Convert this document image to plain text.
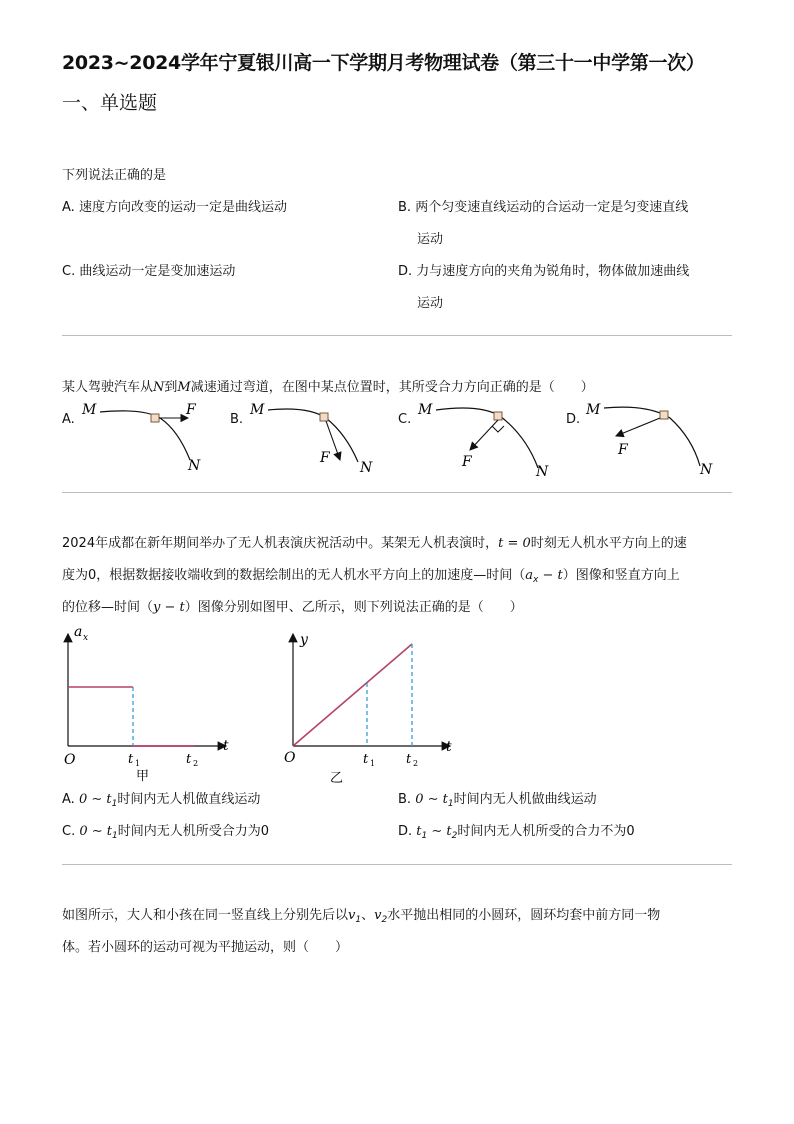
2023~2024学年宁夏银川高一下学期月考物理试卷（第三十一中学第一次）
一、单选题
下列说法正确的是
A. 速度方向改变的运动一定是曲线运动	B. 两个匀变速直线运动的合运动一定是匀变速直线
运动
C. 曲线运动一定是变加速运动	D. 力与速度方向的夹角为锐角时，物体做加速曲线
运动
某人驾驶汽车从N到M减速通过弯道，在图中某点位置时，其所受合力方向正确的是（　　）
A.	B.	C.	D.
M	F
N
M
F
N
M
F
N
M
F
N
2024年成都在新年期间举办了无人机表演庆祝活动中。某架无人机表演时，t = 0时刻无人机水平方向上的速
度为0，根据数据接收端收到的数据绘制出的无人机水平方向上的加速度—时间$(a_x - t)$图像和竖直方向上
的位移—时间（y − t）图像分别如图甲、乙所示，则下列说法正确的是（　　）
a x
t
O	t 1	t 2
甲
y
t
O	t 1 t 2
乙
A. 0 ∼ $t_1$时间内无人机做直线运动	B. 0 ∼ $t_1$时间内无人机做曲线运动
C. 0 ∼ $t_1$时间内无人机所受合力为0	D. $t_1$ ∼ $t_2$时间内无人机所受的合力不为0
如图所示，大人和小孩在同一竖直线上分别先后以$v_1$、$v_2$水平抛出相同的小圆环，圆环均套中前方同一物
体。若小圆环的运动可视为平抛运动，则（　　）
